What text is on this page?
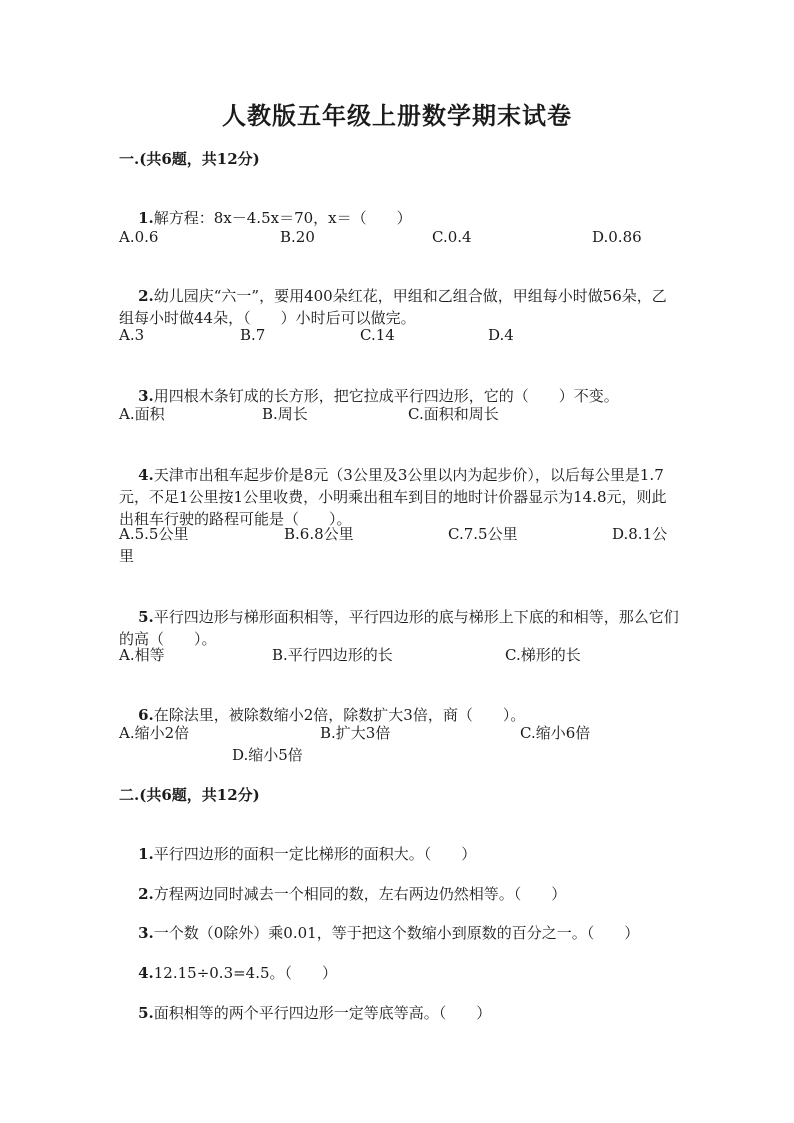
人教版五年级上册数学期末试卷
一.(共6题，共12分)

1.解方程：8x－4.5x＝70，x＝（　　）

A.0.6	B.20	C.0.4	D.0.86

2.幼儿园庆“六一”，要用400朵红花，甲组和乙组合做，甲组每小时做56朵，乙组每小时做44朵，（　　）小时后可以做完。

A.3	B.7	C.14	D.4

3.用四根木条钉成的长方形，把它拉成平行四边形，它的（　　）不变。

A.面积	B.周长	C.面积和周长

4.天津市出租车起步价是8元（3公里及3公里以内为起步价），以后每公里是1.7元，不足1公里按1公里收费，小明乘出租车到目的地时计价器显示为14.8元，则此出租车行驶的路程可能是（　　）。

A.5.5公里	B.6.8公里	C.7.5公里	D.8.1公
里

5.平行四边形与梯形面积相等，平行四边形的底与梯形上下底的和相等，那么它们的高（　　）。

A.相等	B.平行四边形的长	C.梯形的长

6.在除法里，被除数缩小2倍，除数扩大3倍，商（　　）。

A.缩小2倍	B.扩大3倍	C.缩小6倍
D.缩小5倍
二.(共6题，共12分)

1.平行四边形的面积一定比梯形的面积大。（　　）

2.方程两边同时减去一个相同的数，左右两边仍然相等。（　　）

3.一个数（0除外）乘0.01，等于把这个数缩小到原数的百分之一。（　　）

4.12.15÷0.3=4.5。（　　）

5.面积相等的两个平行四边形一定等底等高。（　　）
